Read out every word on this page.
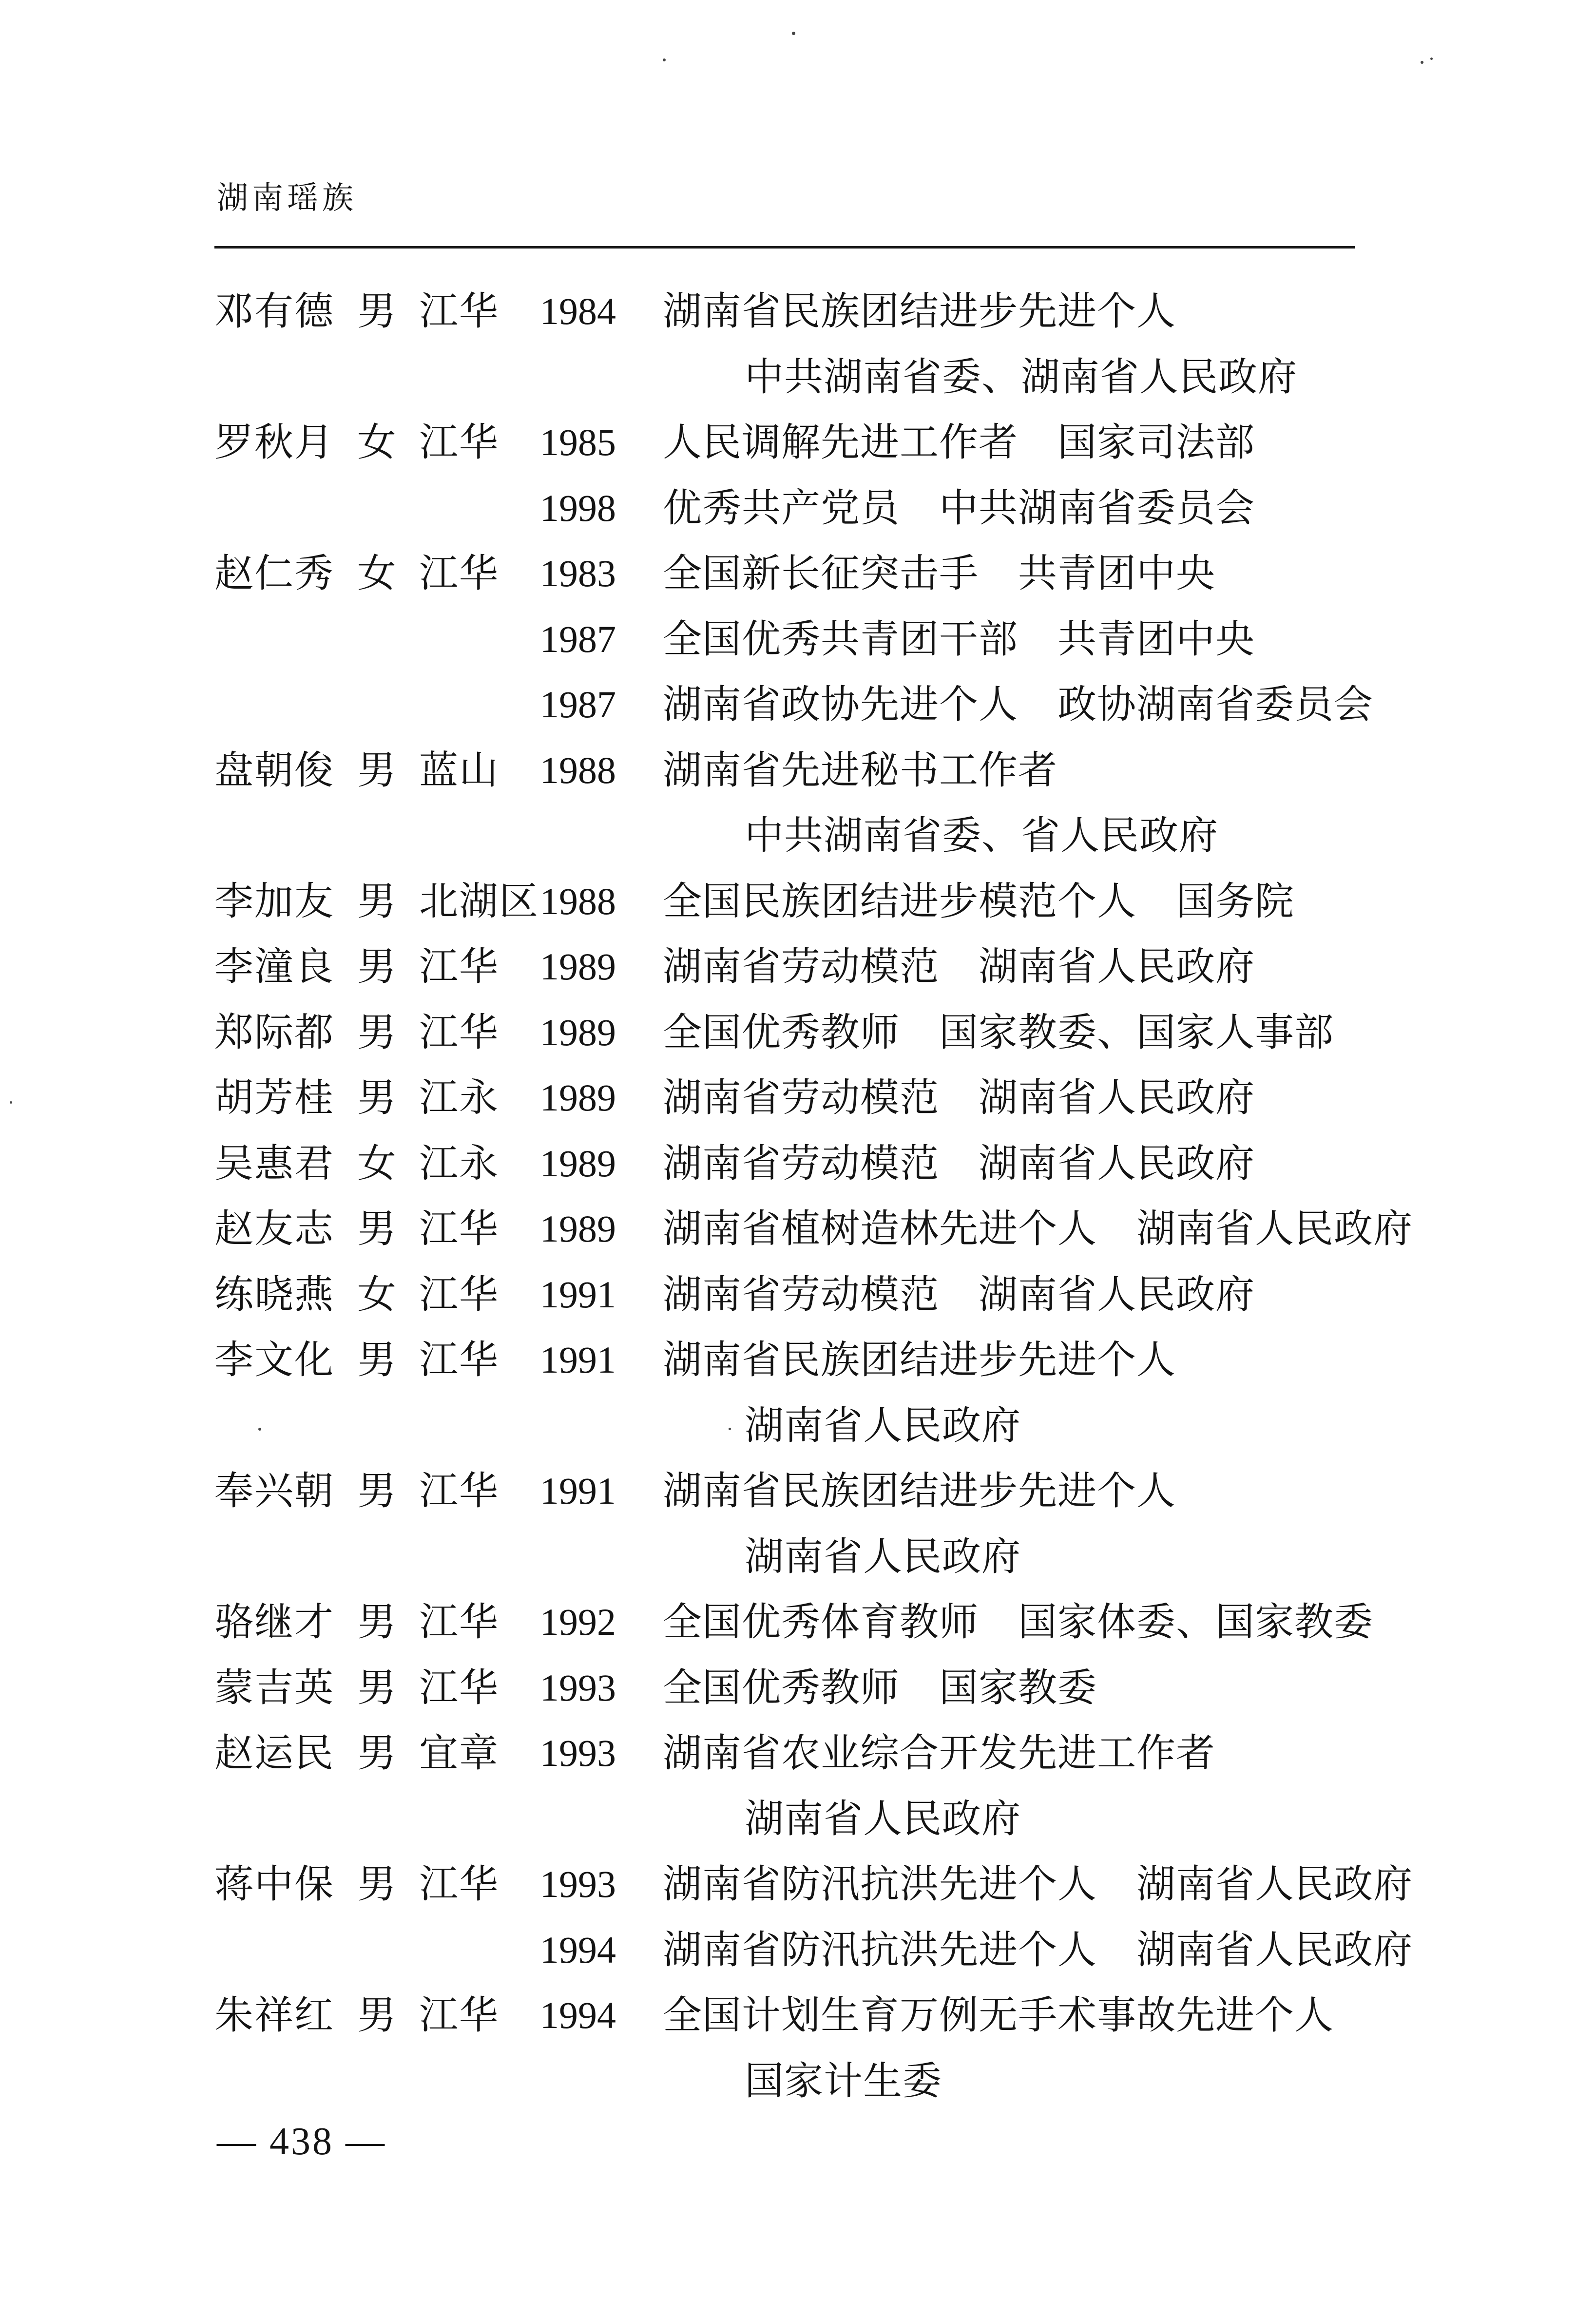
湖南瑶族
邓有德 男 江华 1984 湖南省民族团结进步先进个人
中共湖南省委、湖南省人民政府
罗秋月 女 江华 1985 人民调解先进工作者　国家司法部
1998 优秀共产党员　中共湖南省委员会
赵仁秀 女 江华 1983 全国新长征突击手　共青团中央
1987 全国优秀共青团干部　共青团中央
1987 湖南省政协先进个人　政协湖南省委员会
盘朝俊 男 蓝山 1988 湖南省先进秘书工作者
中共湖南省委、省人民政府
李加友 男 北湖区 1988 全国民族团结进步模范个人　国务院
李潼良 男 江华 1989 湖南省劳动模范　湖南省人民政府
郑际都 男 江华 1989 全国优秀教师　国家教委、国家人事部
胡芳桂 男 江永 1989 湖南省劳动模范　湖南省人民政府
吴惠君 女 江永 1989 湖南省劳动模范　湖南省人民政府
赵友志 男 江华 1989 湖南省植树造林先进个人　湖南省人民政府
练晓燕 女 江华 1991 湖南省劳动模范　湖南省人民政府
李文化 男 江华 1991 湖南省民族团结进步先进个人
湖南省人民政府
奉兴朝 男 江华 1991 湖南省民族团结进步先进个人
湖南省人民政府
骆继才 男 江华 1992 全国优秀体育教师　国家体委、国家教委
蒙吉英 男 江华 1993 全国优秀教师　国家教委
赵运民 男 宜章 1993 湖南省农业综合开发先进工作者
湖南省人民政府
蒋中保 男 江华 1993 湖南省防汛抗洪先进个人　湖南省人民政府
1994 湖南省防汛抗洪先进个人　湖南省人民政府
朱祥红 男 江华 1994 全国计划生育万例无手术事故先进个人
国家计生委
— 438 —
